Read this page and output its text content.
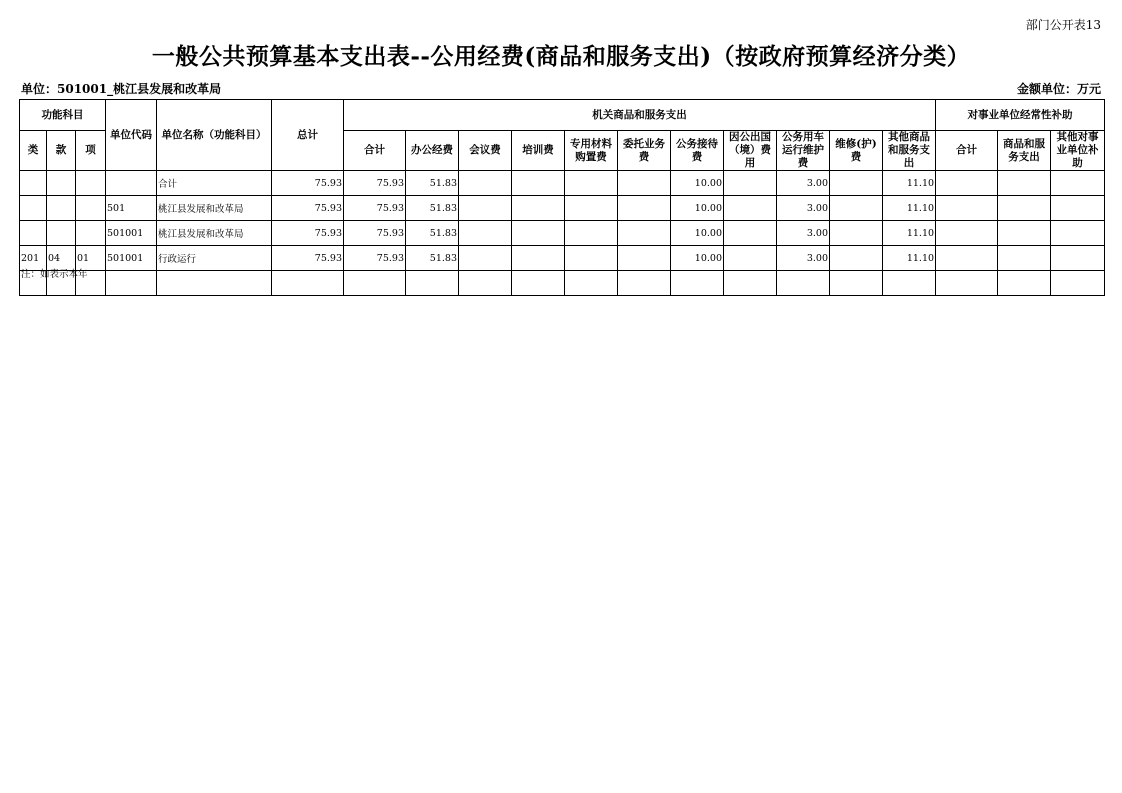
部门公开表13
一般公共预算基本支出表--公用经费(商品和服务支出)（按政府预算经济分类）
单位：501001_桃江县发展和改革局	金额单位：万元
功能科目			单位代码	单位名称（功能科目）	总计	机关商品和服务支出											对事业单位经常性补助		
类	款	项				合计	办公经费	会议费	培训费	专用材料购置费	委托业务费	公务接待费	因公出国（境）费用	公务用车运行维护费	维修(护)费	其他商品和服务支出	合计	商品和服务支出	其他对事业单位补助
				合计	75.93	75.93	51.83					10.00		3.00		11.10			
			501	桃江县发展和改革局	75.93	75.93	51.83					10.00		3.00		11.10			
			501001	桃江县发展和改革局	75.93	75.93	51.83					10.00		3.00		11.10			
201	04	01	501001	行政运行	75.93	75.93	51.83					10.00		3.00		11.10			

注：如表示本年																			
